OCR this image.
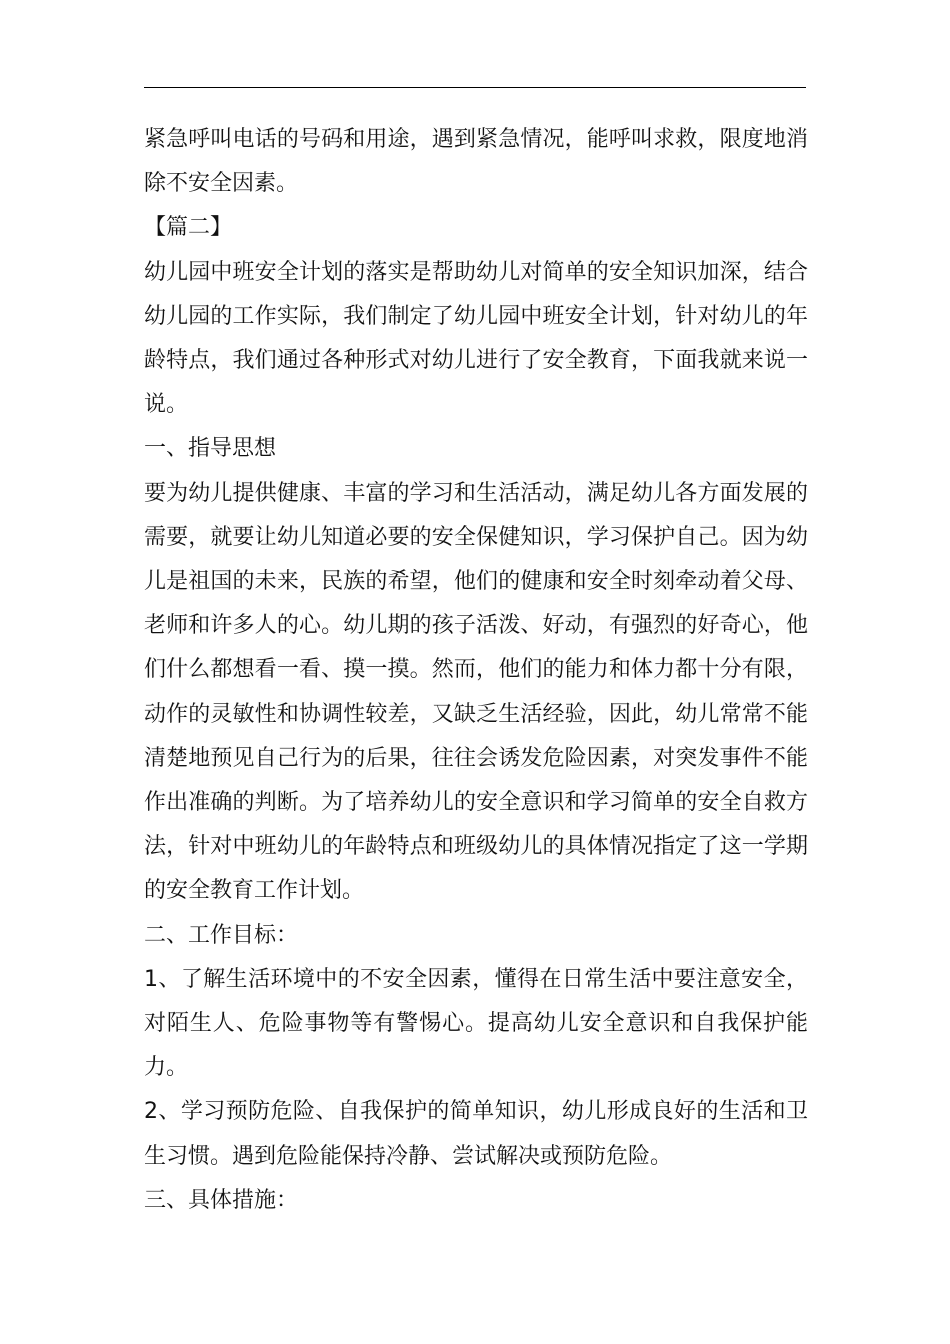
紧急呼叫电话的号码和用途，遇到紧急情况，能呼叫求救，限度地消除不安全因素。

【篇二】

幼儿园中班安全计划的落实是帮助幼儿对简单的安全知识加深，结合幼儿园的工作实际，我们制定了幼儿园中班安全计划，针对幼儿的年龄特点，我们通过各种形式对幼儿进行了安全教育，下面我就来说一说。

一、指导思想

要为幼儿提供健康、丰富的学习和生活活动，满足幼儿各方面发展的需要，就要让幼儿知道必要的安全保健知识，学习保护自己。因为幼儿是祖国的未来，民族的希望，他们的健康和安全时刻牵动着父母、老师和许多人的心。幼儿期的孩子活泼、好动，有强烈的好奇心，他们什么都想看一看、摸一摸。然而，他们的能力和体力都十分有限，动作的灵敏性和协调性较差，又缺乏生活经验，因此，幼儿常常不能清楚地预见自己行为的后果，往往会诱发危险因素，对突发事件不能作出准确的判断。为了培养幼儿的安全意识和学习简单的安全自救方法，针对中班幼儿的年龄特点和班级幼儿的具体情况指定了这一学期的安全教育工作计划。

二、工作目标：

1、了解生活环境中的不安全因素，懂得在日常生活中要注意安全，对陌生人、危险事物等有警惕心。提高幼儿安全意识和自我保护能力。

2、学习预防危险、自我保护的简单知识，幼儿形成良好的生活和卫生习惯。遇到危险能保持冷静、尝试解决或预防危险。

三、具体措施：
